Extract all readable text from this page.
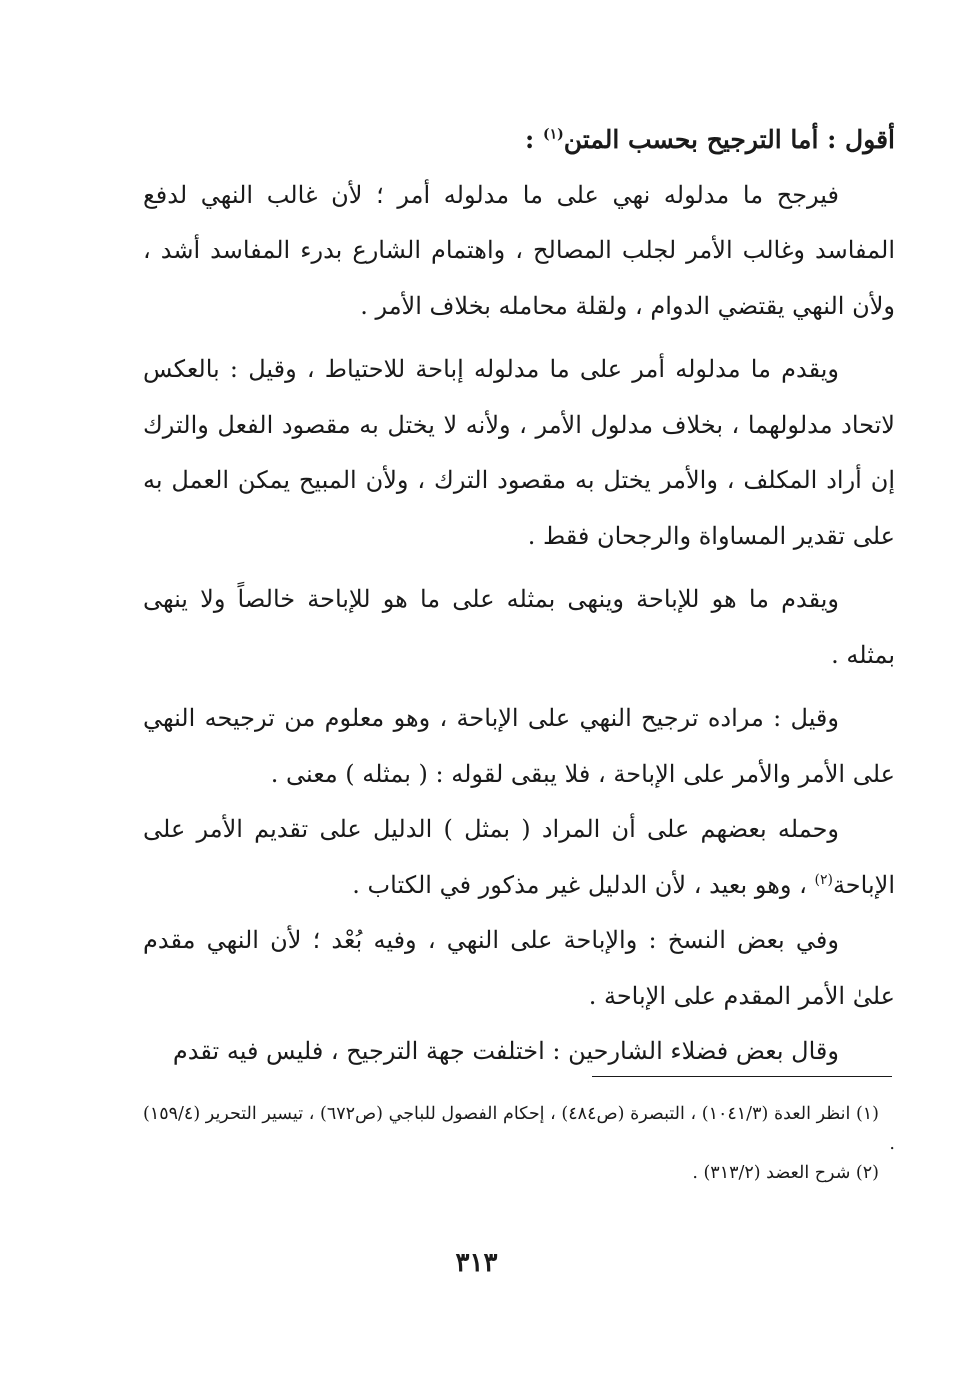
أقول : أما الترجيح بحسب المتن$^{(١)}$ :

فيرجح ما مدلوله نهي على ما مدلوله أمر ؛ لأن غالب النهي لدفع المفاسد وغالب الأمر لجلب المصالح ، واهتمام الشارع بدرء المفاسد أشد ، ولأن النهي يقتضي الدوام ، ولقلة محامله بخلاف الأمر .

ويقدم ما مدلوله أمر على ما مدلوله إباحة للاحتياط ، وقيل : بالعكس لاتحاد مدلولهما ، بخلاف مدلول الأمر ، ولأنه لا يختل به مقصود الفعل والترك إن أراد المكلف ، والأمر يختل به مقصود الترك ، ولأن المبيح يمكن العمل به على تقدير المساواة والرجحان فقط .

ويقدم ما هو للإباحة وينهى بمثله على ما هو للإباحة خالصاً ولا ينهى بمثله .

وقيل : مراده ترجيح النهي على الإباحة ، وهو معلوم من ترجيحه النهي على الأمر والأمر على الإباحة ، فلا يبقى لقوله : ( بمثله ) معنى .

وحمله بعضهم على أن المراد ( بمثل ) الدليل على تقديم الأمر على الإباحة$^{(٢)}$ ، وهو بعيد ، لأن الدليل غير مذكور في الكتاب .

وفي بعض النسخ : والإباحة على النهي ، وفيه بُعْد ؛ لأن النهي مقدم علىٰ الأمر المقدم على الإباحة .

وقال بعض فضلاء الشارحين : اختلفت جهة الترجيح ، فليس فيه تقدم

(١) انظر العدة (١٠٤١/٣) ، التبصرة (ص٤٨٤) ، إحكام الفصول للباجي (ص٦٧٢) ، تيسير التحرير (١٥٩/٤) .

(٢) شرح العضد (٣١٣/٢) .

٣١٣
